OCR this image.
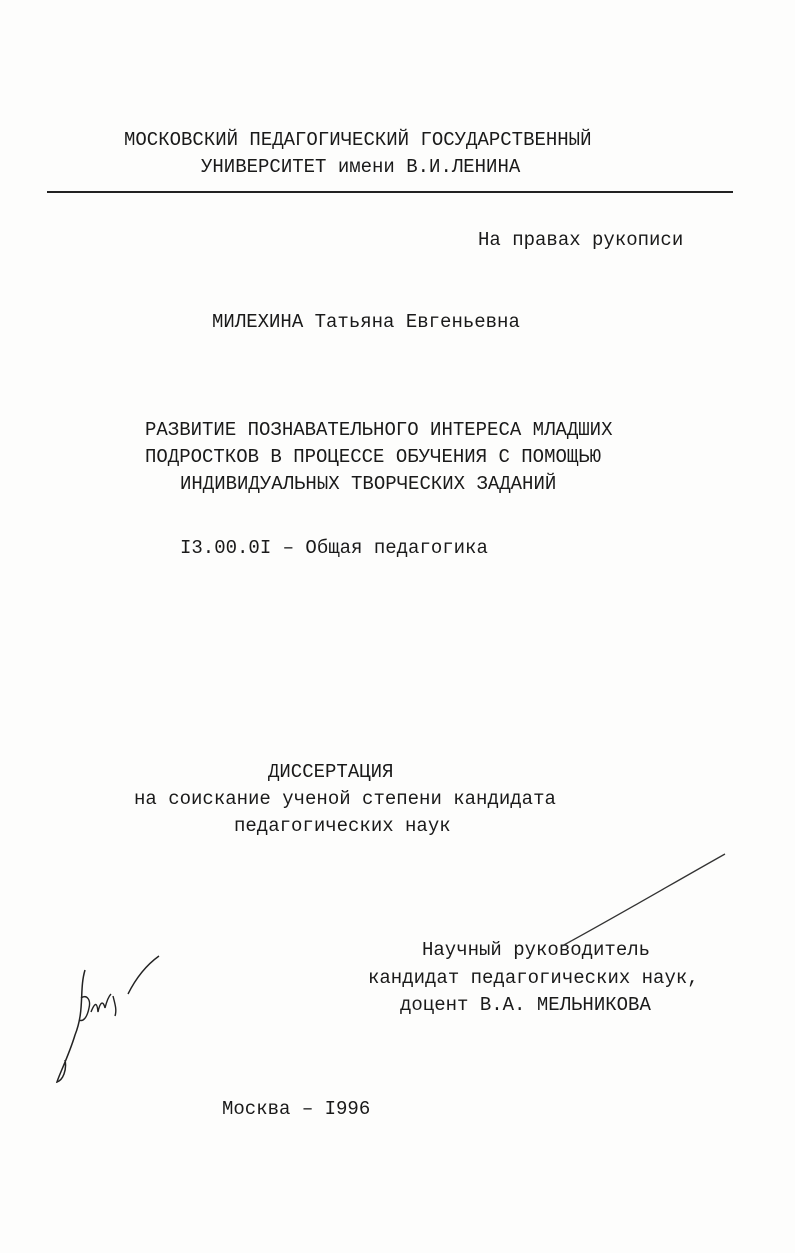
МОСКОВСКИЙ ПЕДАГОГИЧЕСКИЙ ГОСУДАРСТВЕННЫЙ
УНИВЕРСИТЕТ имени В.И.ЛЕНИНА
На правах рукописи
МИЛЕХИНА Татьяна Евгеньевна
РАЗВИТИЕ ПОЗНАВАТЕЛЬНОГО ИНТЕРЕСА МЛАДШИХ
ПОДРОСТКОВ В ПРОЦЕССЕ ОБУЧЕНИЯ С ПОМОЩЬЮ
ИНДИВИДУАЛЬНЫХ ТВОРЧЕСКИХ ЗАДАНИЙ
I3.00.0I – Общая педагогика
ДИССЕРТАЦИЯ
на соискание ученой степени кандидата
педагогических наук
Научный руководитель
кандидат педагогических наук,
доцент В.А. МЕЛЬНИКОВА
Москва – I996
